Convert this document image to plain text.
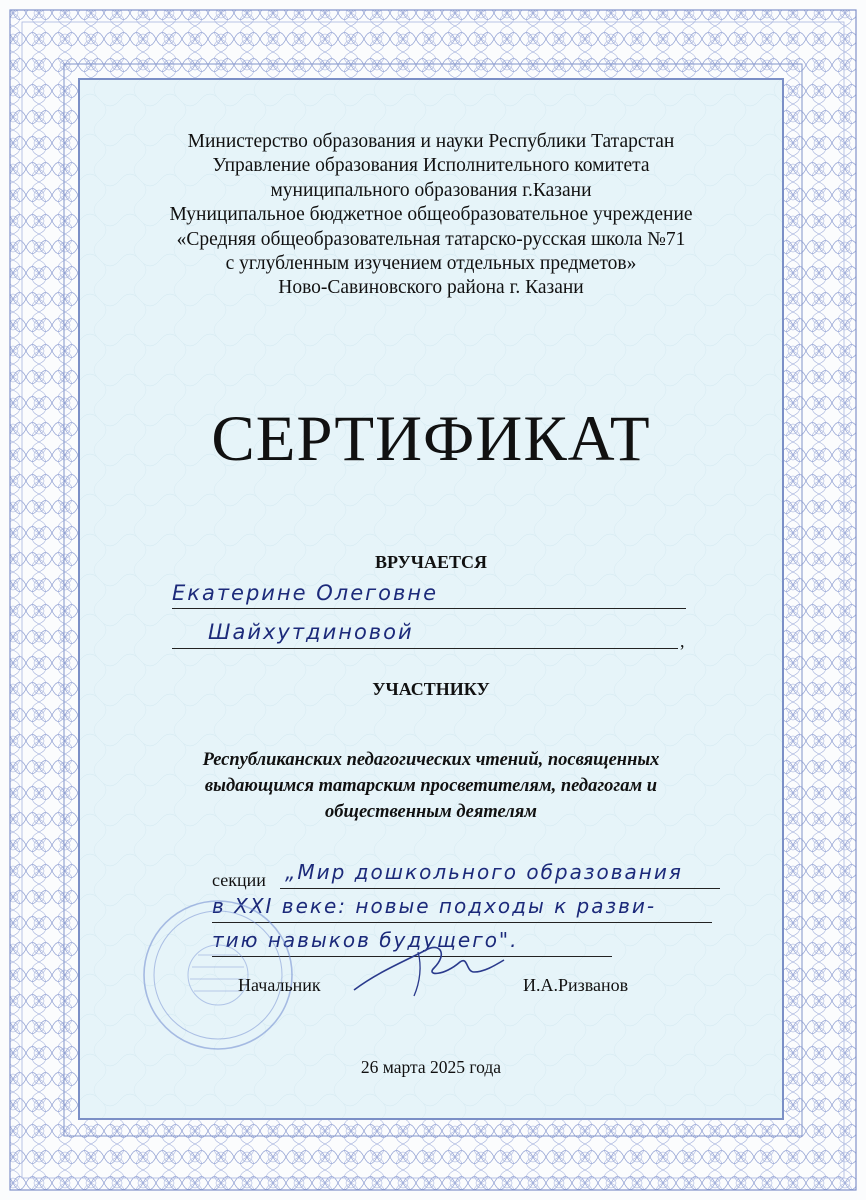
Министерство образования и науки Республики Татарстан
Управление образования Исполнительного комитета
муниципального образования г.Казани
Муниципальное бюджетное общеобразовательное учреждение
«Средняя общеобразовательная татарско-русская школа №71
с углубленным изучением отдельных предметов»
Ново-Савиновского района г. Казани
СЕРТИФИКАТ
ВРУЧАЕТСЯ
Екатерине Олеговне
Шайхутдиновой	,
УЧАСТНИКУ
Республиканских педагогических чтений, посвященных
выдающимся татарским просветителям, педагогам и
общественным деятелям
секции „Мир дошкольного образования
в XXI веке: новые подходы к разви-
тию навыков будущего".
Начальник	И.А.Ризванов
26 марта 2025 года
